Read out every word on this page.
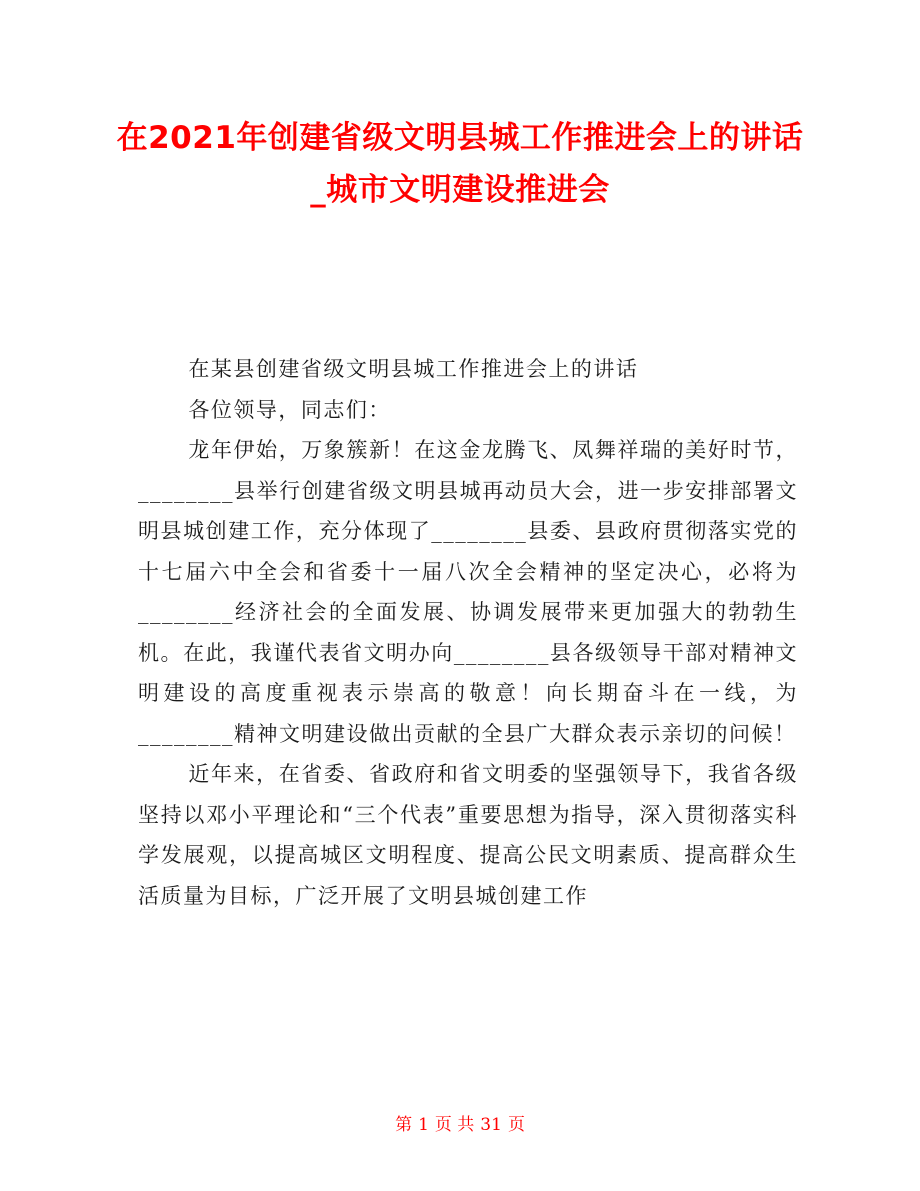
在2021年创建省级文明县城工作推进会上的讲话_城市文明建设推进会

在某县创建省级文明县城工作推进会上的讲话

各位领导，同志们：

龙年伊始，万象簇新！在这金龙腾飞、凤舞祥瑞的美好时节，________县举行创建省级文明县城再动员大会，进一步安排部署文明县城创建工作，充分体现了________县委、县政府贯彻落实党的十七届六中全会和省委十一届八次全会精神的坚定决心，必将为________经济社会的全面发展、协调发展带来更加强大的勃勃生机。在此，我谨代表省文明办向________县各级领导干部对精神文明建设的高度重视表示崇高的敬意！向长期奋斗在一线，为________精神文明建设做出贡献的全县广大群众表示亲切的问候！

近年来，在省委、省政府和省文明委的坚强领导下，我省各级坚持以邓小平理论和“三个代表”重要思想为指导，深入贯彻落实科学发展观，以提高城区文明程度、提高公民文明素质、提高群众生活质量为目标，广泛开展了文明县城创建工作

第 1 页 共 31 页
